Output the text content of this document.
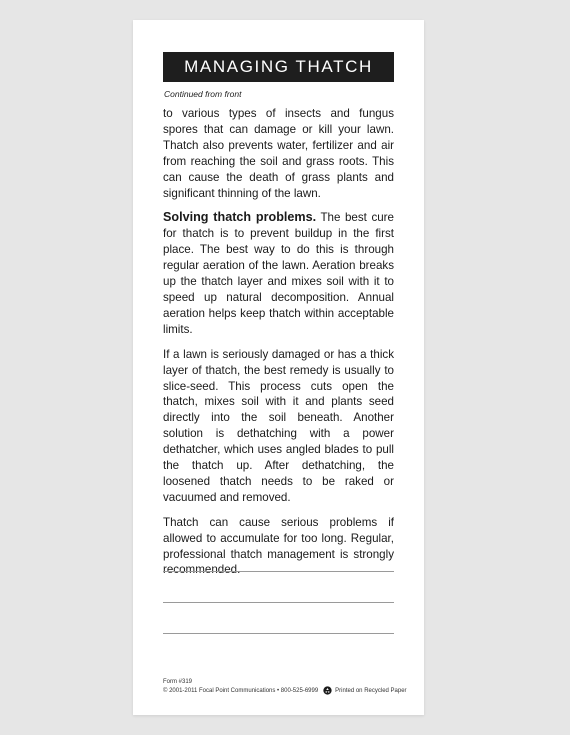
MANAGING THATCH
Continued from front

to various types of insects and fungus spores that can damage or kill your lawn. Thatch also prevents water, fertilizer and air from reaching the soil and grass roots. This can cause the death of grass plants and significant thinning of the lawn.

Solving thatch problems. The best cure for thatch is to prevent buildup in the first place. The best way to do this is through regular aeration of the lawn. Aeration breaks up the thatch layer and mixes soil with it to speed up natural decomposition. Annual aeration helps keep thatch within acceptable limits.

If a lawn is seriously damaged or has a thick layer of thatch, the best remedy is usually to slice-seed. This process cuts open the thatch, mixes soil with it and plants seed directly into the soil beneath. Another solution is dethatching with a power dethatcher, which uses angled blades to pull the thatch up. After dethatching, the loosened thatch needs to be raked or vacuumed and removed.

Thatch can cause serious problems if allowed to accumulate for too long. Regular, professional thatch management is strongly recommended.

Form #319
© 2001-2011 Focal Point Communications • 800-525-6999	Printed on Recycled Paper
